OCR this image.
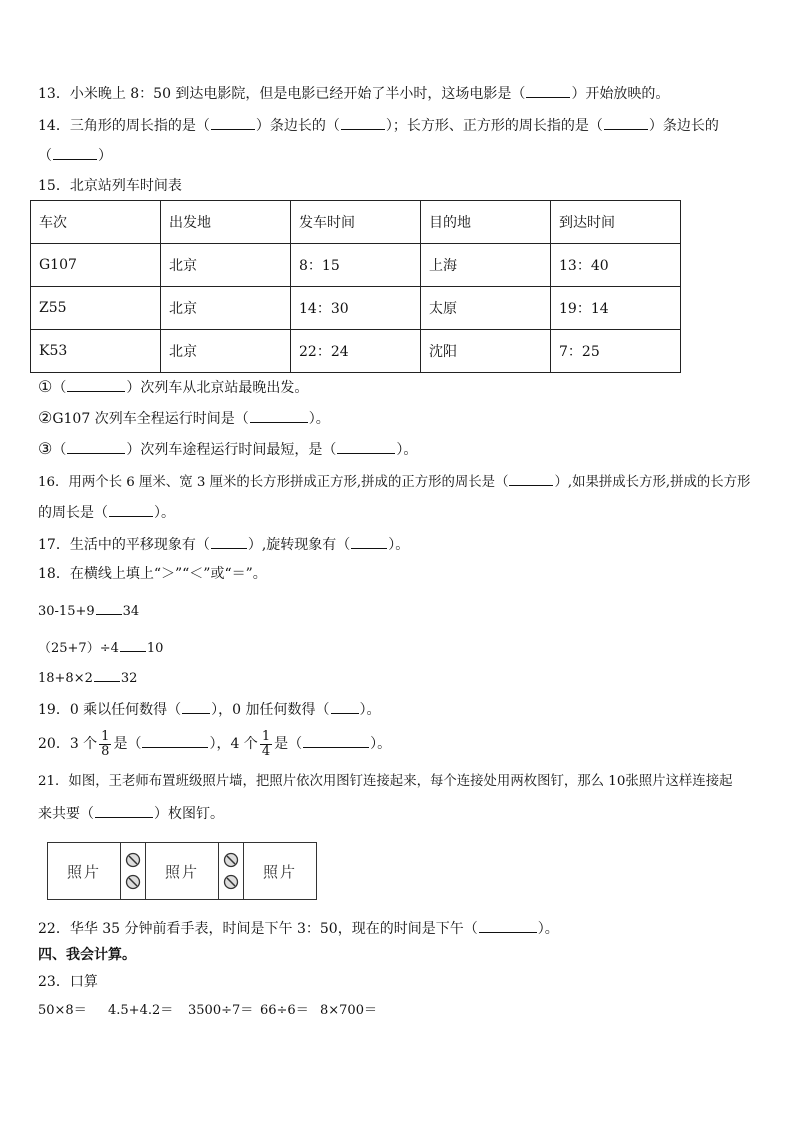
13．小米晚上 8：50 到达电影院，但是电影已经开始了半小时，这场电影是（	）开始放映的。
14．三角形的周长指的是（	）条边长的（	）；长方形、正方形的周长指的是（	）条边长的
（	）
15．北京站列车时间表
车次	出发地	发车时间	目的地	到达时间
G107	北京	8：15	上海	13：40
Z55	北京	14：30	太原	19：14
K53	北京	22：24	沈阳	7：25
①（	）次列车从北京站最晚出发。
②G107 次列车全程运行时间是（	）。
③（	）次列车途程运行时间最短，是（	）。
16．用两个长 6 厘米、宽 3 厘米的长方形拼成正方形,拼成的正方形的周长是（	）,如果拼成长方形,拼成的长方形
的周长是（	）。
17．生活中的平移现象有（	）,旋转现象有（	）。
18．在横线上填上“＞”“＜”或“＝”。
30-15+9 34
（25+7）÷4 10
18+8×2 32
19．0 乘以任何数得（ ），0 加任何数得（ ）。
20．3 个 $\frac{1}{8}$ 是（	），4 个 $\frac{1}{4}$ 是（	）。
21．如图，王老师布置班级照片墙，把照片依次用图钉连接起来，每个连接处用两枚图钉，那么 10张照片这样连接起
来共要（	）枚图钉。
照片	照片	照片
22．华华 35 分钟前看手表，时间是下午 3：50，现在的时间是下午（	）。
四、我会计算。
23．口算
50×8＝ 4.5+4.2＝ 3500÷7＝ 66÷6＝ 8×700＝
